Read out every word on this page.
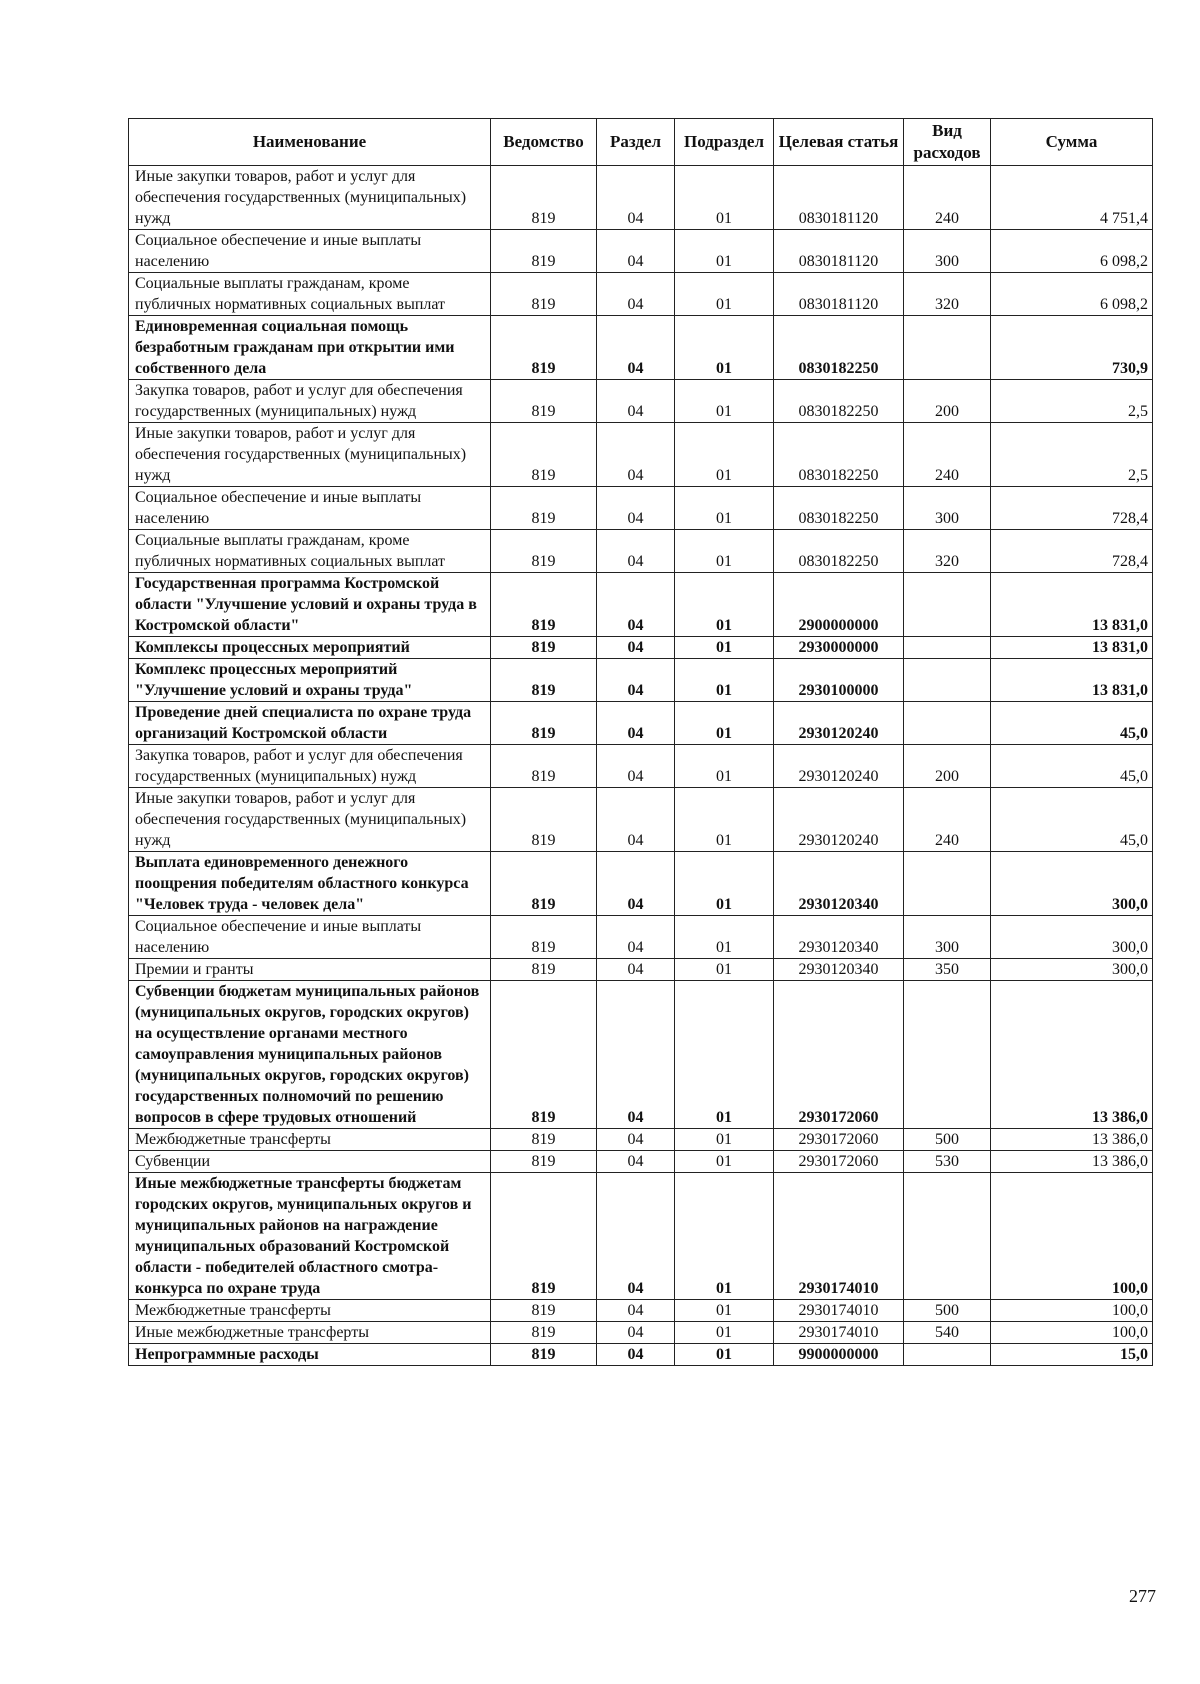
Наименование	Ведомство	Раздел	Подраздел	Целевая статья	Вид расходов	Сумма
Иные закупки товаров, работ и услуг для обеспечения государственных (муниципальных) нужд	819	04	01	0830181120	240	4 751,4
Социальное обеспечение и иные выплаты населению	819	04	01	0830181120	300	6 098,2
Социальные выплаты гражданам, кроме публичных нормативных социальных выплат	819	04	01	0830181120	320	6 098,2
Единовременная социальная помощь безработным гражданам при открытии ими собственного дела	819	04	01	0830182250		730,9
Закупка товаров, работ и услуг для обеспечения государственных (муниципальных) нужд	819	04	01	0830182250	200	2,5
Иные закупки товаров, работ и услуг для обеспечения государственных (муниципальных) нужд	819	04	01	0830182250	240	2,5
Социальное обеспечение и иные выплаты населению	819	04	01	0830182250	300	728,4
Социальные выплаты гражданам, кроме публичных нормативных социальных выплат	819	04	01	0830182250	320	728,4
Государственная программа Костромской области "Улучшение условий и охраны труда в Костромской области"	819	04	01	2900000000		13 831,0
Комплексы процессных мероприятий	819	04	01	2930000000		13 831,0
Комплекс процессных мероприятий "Улучшение условий и охраны труда"	819	04	01	2930100000		13 831,0
Проведение дней специалиста по охране труда организаций Костромской области	819	04	01	2930120240		45,0
Закупка товаров, работ и услуг для обеспечения государственных (муниципальных) нужд	819	04	01	2930120240	200	45,0
Иные закупки товаров, работ и услуг для обеспечения государственных (муниципальных) нужд	819	04	01	2930120240	240	45,0
Выплата единовременного денежного поощрения победителям областного конкурса "Человек труда - человек дела"	819	04	01	2930120340		300,0
Социальное обеспечение и иные выплаты населению	819	04	01	2930120340	300	300,0
Премии и гранты	819	04	01	2930120340	350	300,0
Субвенции бюджетам муниципальных районов (муниципальных округов, городских округов) на осуществление органами местного самоуправления муниципальных районов (муниципальных округов, городских округов) государственных полномочий по решению вопросов в сфере трудовых отношений	819	04	01	2930172060		13 386,0
Межбюджетные трансферты	819	04	01	2930172060	500	13 386,0
Субвенции	819	04	01	2930172060	530	13 386,0
Иные межбюджетные трансферты бюджетам городских округов, муниципальных округов и муниципальных районов на награждение муниципальных образований Костромской области - победителей областного смотра-конкурса по охране труда	819	04	01	2930174010		100,0
Межбюджетные трансферты	819	04	01	2930174010	500	100,0
Иные межбюджетные трансферты	819	04	01	2930174010	540	100,0
Непрограммные расходы	819	04	01	9900000000		15,0
277
